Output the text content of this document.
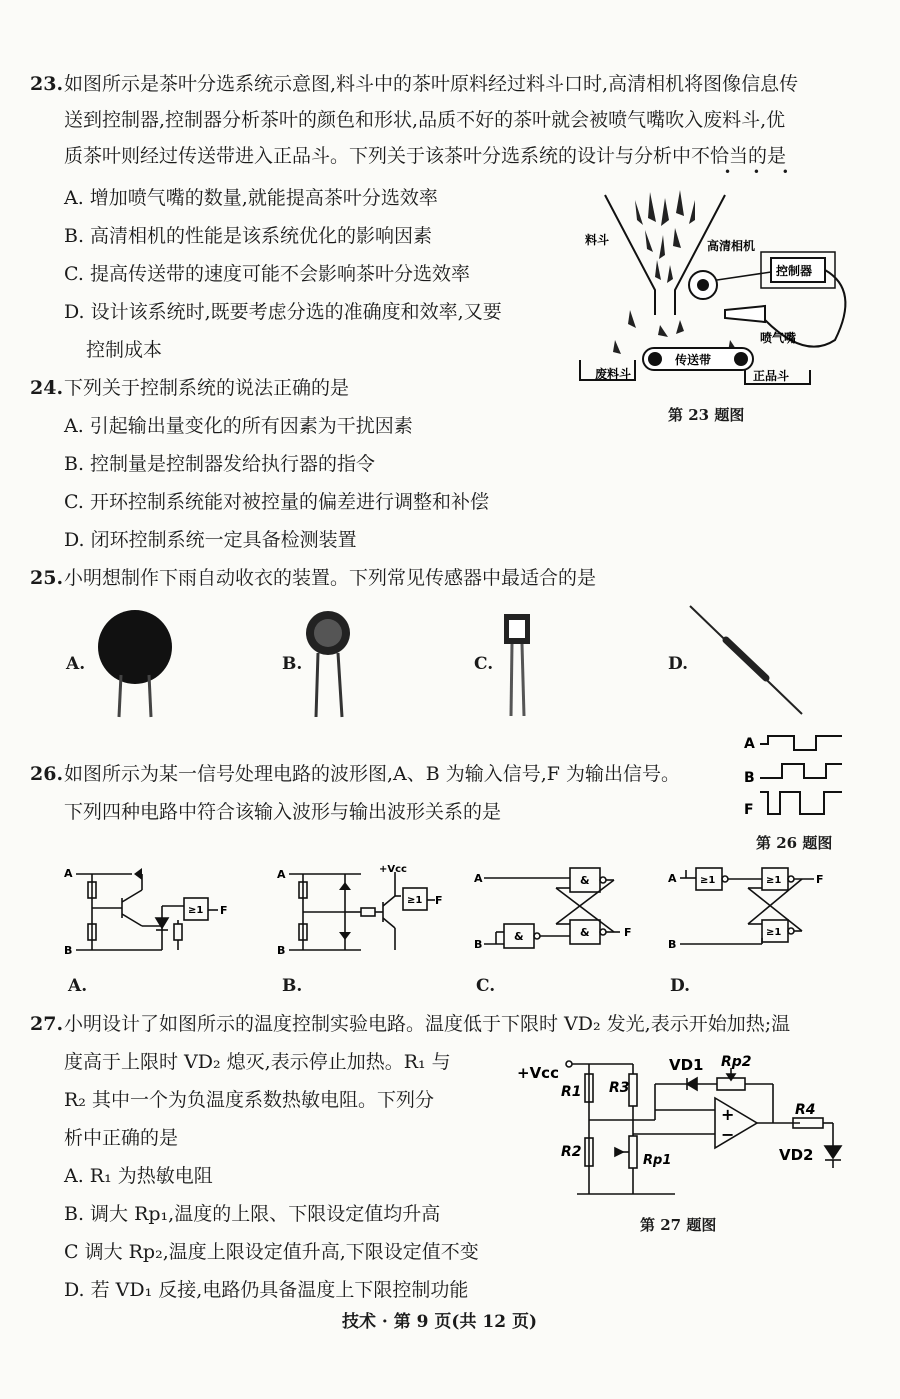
23. 如图所示是茶叶分选系统示意图,料斗中的茶叶原料经过料斗口时,高清相机将图像信息传
送到控制器,控制器分析茶叶的颜色和形状,品质不好的茶叶就会被喷气嘴吹入废料斗,优
质茶叶则经过传送带进入正品斗。下列关于该茶叶分选系统的设计与分析中不恰当的是
• • •
A. 增加喷气嘴的数量,就能提高茶叶分选效率
B. 高清相机的性能是该系统优化的影响因素
C. 提高传送带的速度可能不会影响茶叶分选效率
D. 设计该系统时,既要考虑分选的准确度和效率,又要
控制成本
料斗	高清相机
控制器
喷气嘴
传送带
废料斗	正品斗
第 23 题图
24. 下列关于控制系统的说法正确的是
A. 引起输出量变化的所有因素为干扰因素
B. 控制量是控制器发给执行器的指令
C. 开环控制系统能对被控量的偏差进行调整和补偿
D. 闭环控制系统一定具备检测装置
25. 小明想制作下雨自动收衣的装置。下列常见传感器中最适合的是
A.	B.	C.	D.
26. 如图所示为某一信号处理电路的波形图,A、B 为输入信号,F 为输出信号。
下列四种电路中符合该输入波形与输出波形关系的是
A
B
F
第 26 题图
A
B
≥1 F
A
B
+Vcc
≥1 F
A
B
&
&
&	F
A
B
≥1	≥1
≥1
F
A.	B.	C.	D.
27. 小明设计了如图所示的温度控制实验电路。温度低于下限时 VD₂ 发光,表示开始加热;温
度高于上限时 VD₂ 熄灭,表示停止加热。R₁ 与
R₂ 其中一个为负温度系数热敏电阻。下列分
析中正确的是
A. R₁ 为热敏电阻
B. 调大 Rp₁,温度的上限、下限设定值均升高
C 调大 Rp₂,温度上限设定值升高,下限设定值不变
D. 若 VD₁ 反接,电路仍具备温度上下限控制功能
+Vcc
R1
R2
R3
R4
Rp1
Rp2
VD1
VD2
+
−
第 27 题图
技术 · 第 9 页(共 12 页)
